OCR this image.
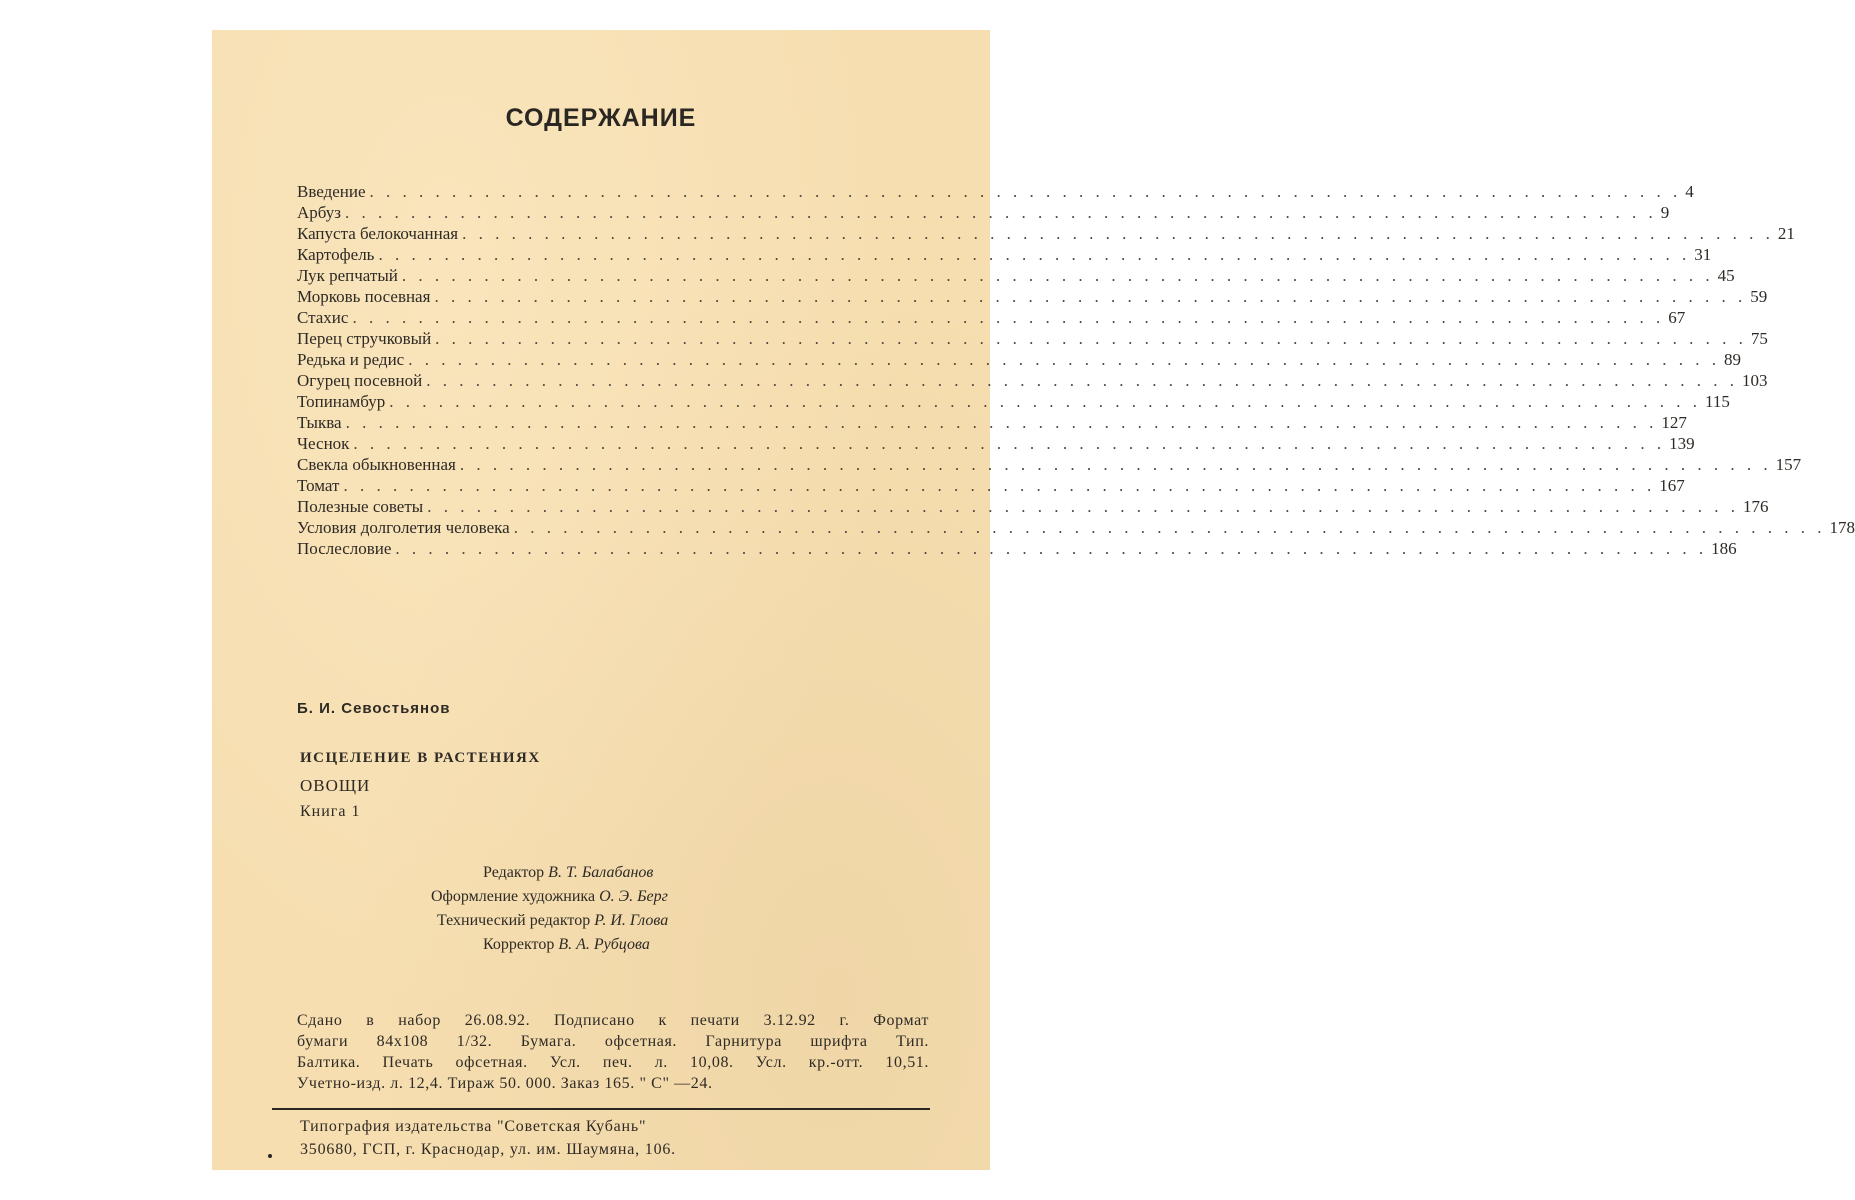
СОДЕРЖАНИЕ
Введение . . . . . . . . . . . . . . . . . . . . . . . . . . . . . . . . . . . . . . . . . . . . . . . . . . . . . . . . . . . . . . . . . . . . . . . . . . . . . . . . 4
Арбуз . . . . . . . . . . . . . . . . . . . . . . . . . . . . . . . . . . . . . . . . . . . . . . . . . . . . . . . . . . . . . . . . . . . . . . . . . . . . . . . . 9
Капуста белокочанная . . . . . . . . . . . . . . . . . . . . . . . . . . . . . . . . . . . . . . . . . . . . . . . . . . . . . . . . . . . . . . . . . . . . . . . . . . . . . . . . 21
Картофель . . . . . . . . . . . . . . . . . . . . . . . . . . . . . . . . . . . . . . . . . . . . . . . . . . . . . . . . . . . . . . . . . . . . . . . . . . . . . . . . 31
Лук репчатый . . . . . . . . . . . . . . . . . . . . . . . . . . . . . . . . . . . . . . . . . . . . . . . . . . . . . . . . . . . . . . . . . . . . . . . . . . . . . . . . 45
Морковь посевная . . . . . . . . . . . . . . . . . . . . . . . . . . . . . . . . . . . . . . . . . . . . . . . . . . . . . . . . . . . . . . . . . . . . . . . . . . . . . . . . 59
Стахис . . . . . . . . . . . . . . . . . . . . . . . . . . . . . . . . . . . . . . . . . . . . . . . . . . . . . . . . . . . . . . . . . . . . . . . . . . . . . . . . 67
Перец стручковый . . . . . . . . . . . . . . . . . . . . . . . . . . . . . . . . . . . . . . . . . . . . . . . . . . . . . . . . . . . . . . . . . . . . . . . . . . . . . . . . 75
Редька и редис . . . . . . . . . . . . . . . . . . . . . . . . . . . . . . . . . . . . . . . . . . . . . . . . . . . . . . . . . . . . . . . . . . . . . . . . . . . . . . . . 89
Огурец посевной . . . . . . . . . . . . . . . . . . . . . . . . . . . . . . . . . . . . . . . . . . . . . . . . . . . . . . . . . . . . . . . . . . . . . . . . . . . . . . . . 103
Топинамбур . . . . . . . . . . . . . . . . . . . . . . . . . . . . . . . . . . . . . . . . . . . . . . . . . . . . . . . . . . . . . . . . . . . . . . . . . . . . . . . . 115
Тыква . . . . . . . . . . . . . . . . . . . . . . . . . . . . . . . . . . . . . . . . . . . . . . . . . . . . . . . . . . . . . . . . . . . . . . . . . . . . . . . . 127
Чеснок . . . . . . . . . . . . . . . . . . . . . . . . . . . . . . . . . . . . . . . . . . . . . . . . . . . . . . . . . . . . . . . . . . . . . . . . . . . . . . . . 139
Свекла обыкновенная . . . . . . . . . . . . . . . . . . . . . . . . . . . . . . . . . . . . . . . . . . . . . . . . . . . . . . . . . . . . . . . . . . . . . . . . . . . . . . . . 157
Томат . . . . . . . . . . . . . . . . . . . . . . . . . . . . . . . . . . . . . . . . . . . . . . . . . . . . . . . . . . . . . . . . . . . . . . . . . . . . . . . . 167
Полезные советы . . . . . . . . . . . . . . . . . . . . . . . . . . . . . . . . . . . . . . . . . . . . . . . . . . . . . . . . . . . . . . . . . . . . . . . . . . . . . . . . 176
Условия долголетия человека . . . . . . . . . . . . . . . . . . . . . . . . . . . . . . . . . . . . . . . . . . . . . . . . . . . . . . . . . . . . . . . . . . . . . . . . . . . . . . . . 178
Послесловие . . . . . . . . . . . . . . . . . . . . . . . . . . . . . . . . . . . . . . . . . . . . . . . . . . . . . . . . . . . . . . . . . . . . . . . . . . . . . . . . 186
Б. И. Севостьянов
ИСЦЕЛЕНИЕ В РАСТЕНИЯХ
ОВОЩИ
Книга 1
Редактор В. Т. Балабанов
Оформление художника О. Э. Берг
Технический редактор Р. И. Глова
Корректор В. А. Рубцова
Сдано в набор 26.08.92. Подписано к печати 3.12.92 г. Формат
бумаги 84х108 1/32. Бумага. офсетная. Гарнитура шрифта Тип.
Балтика. Печать офсетная. Усл. печ. л. 10,08. Усл. кр.-отт. 10,51.
Учетно-изд. л. 12,4. Тираж 50. 000. Заказ 165. " С" —24.
Типография издательства "Советская Кубань"
350680, ГСП, г. Краснодар, ул. им. Шаумяна, 106.
